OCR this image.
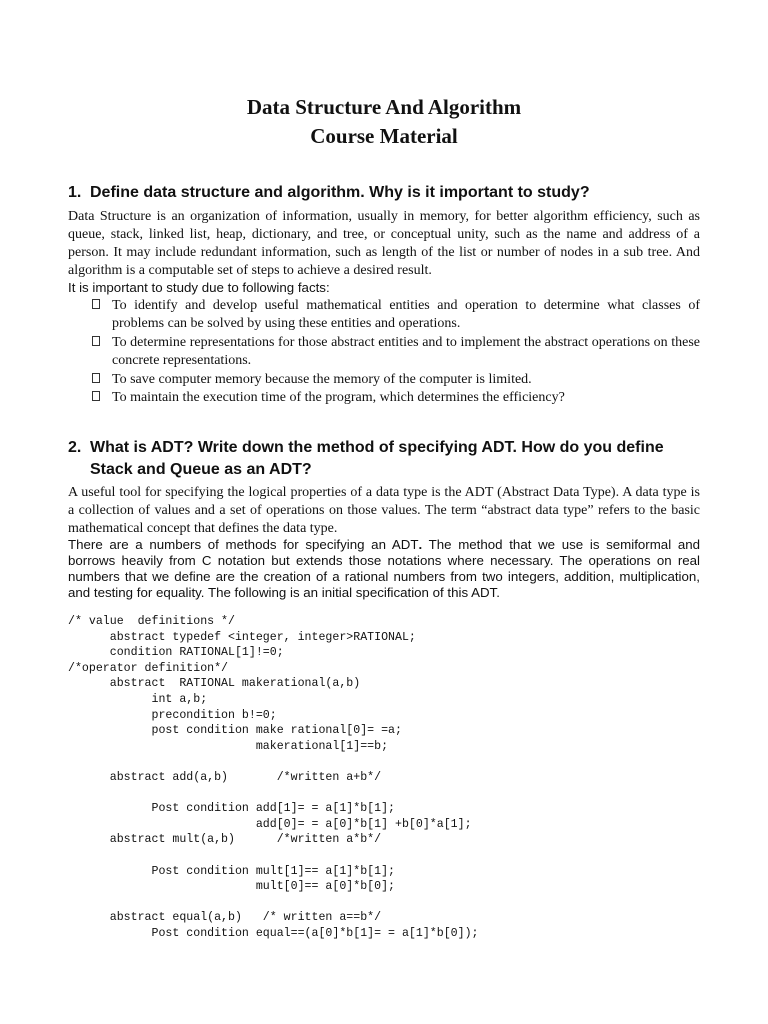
Data Structure And Algorithm
Course Material
1. Define data structure and algorithm. Why is it important to study?
Data Structure is an organization of information, usually in memory, for better algorithm efficiency, such as queue, stack, linked list, heap, dictionary, and tree, or conceptual unity, such as the name and address of a person. It may include redundant information, such as length of the list or number of nodes in a sub tree. And algorithm is a computable set of steps to achieve a desired result.
It is important to study due to following facts:
To identify and develop useful mathematical entities and operation to determine what classes of problems can be solved by using these entities and operations.
To determine representations for those abstract entities and to implement the abstract operations on these concrete representations.
To save computer memory because the memory of the computer is limited.
To maintain the execution time of the program, which determines the efficiency?
2. What is ADT? Write down the method of specifying ADT. How do you define
Stack and Queue as an ADT?
A useful tool for specifying the logical properties of a data type is the ADT (Abstract Data Type). A data type is a collection of values and a set of operations on those values. The term “abstract data type” refers to the basic mathematical concept that defines the data type.
There are a numbers of methods for specifying an ADT. The method that we use is semiformal and borrows heavily from C notation but extends those notations where necessary. The operations on real numbers that we define are the creation of a rational numbers from two integers, addition, multiplication, and testing for equality. The following is an initial specification of this ADT.
/* value  definitions */
abstract typedef <integer, integer>RATIONAL;
condition RATIONAL[1]!=0;
/*operator definition*/
abstract  RATIONAL makerational(a,b)
int a,b;
precondition b!=0;
post condition make rational[0]= =a;
makerational[1]==b;
abstract add(a,b)       /*written a+b*/
Post condition add[1]= = a[1]*b[1];
add[0]= = a[0]*b[1] +b[0]*a[1];
abstract mult(a,b)      /*written a*b*/
Post condition mult[1]== a[1]*b[1];
mult[0]== a[0]*b[0];
abstract equal(a,b)   /* written a==b*/
Post condition equal==(a[0]*b[1]= = a[1]*b[0]);
